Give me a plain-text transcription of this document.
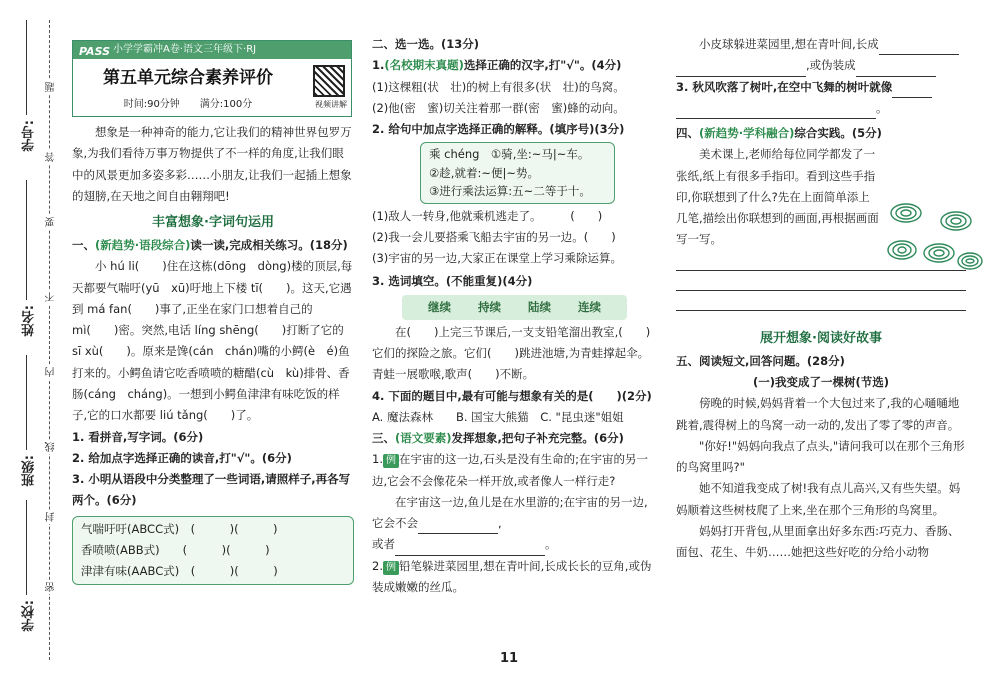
学号:
姓名:
班级:
学校:
题
答
要
不
内
线
封
密
PASS 小学学霸冲A卷·语文三年级下·RJ
第五单元综合素养评价
时间:90分钟　　满分:100分	视频讲解

想象是一种神奇的能力,它让我们的精神世界包罗万象,为我们看待万事万物提供了不一样的角度,让我们眼中的风景更加多姿多彩……小朋友,让我们一起插上想象的翅膀,在天地之间自由翱翔吧!

丰富想象·字词句运用

一、(新趋势·语段综合)读一读,完成相关练习。(18分)

小 hú li(　　)住在这栋(dōng　dòng)楼的顶层,每天都要气喘吁(yū　xū)吁地上下楼 tī(　　)。这天,它遇到 má fan(　　)事了,正坐在家门口想着自己的 mì(　　)密。突然,电话 líng shēng(　　)打断了它的 sī xù(　　)。原来是馋(cán　chán)嘴的小鳄(è　é)鱼打来的。小鳄鱼请它吃香喷喷的糖醋(cù　kù)排骨、香肠(cáng　cháng)。一想到小鳄鱼津津有味吃饭的样子,它的口水都要 liú tǎng(　　)了。

1. 看拼音,写字词。(6分)

2. 给加点字选择正确的读音,打"√"。(6分)

3. 小明从语段中分类整理了一些词语,请照样子,再各写两个。(6分)

气喘吁吁(ABCC式)　(　　　)(　　　)

香喷喷(ABB式)　　(　　　)(　　　)

津津有味(AABC式)　(　　　)(　　　)

二、选一选。(13分)

1.(名校期末真题)选择正确的汉字,打"√"。(4分)

(1)这棵粗(状　壮)的树上有很多(状　壮)的鸟窝。

(2)他(密　蜜)切关注着那一群(密　蜜)蜂的动向。

2. 给句中加点字选择正确的解释。(填序号)(3分)

乘 chéng　①骑,坐:~马|~车。

②趁,就着:~便|~势。

③进行乘法运算:五~二等于十。

(1)敌人一转身,他就乘机逃走了。　　　(　　)

(2)我一会儿要搭乘飞船去宇宙的另一边。(　　)

(3)宇宙的另一边,大家正在课堂上学习乘除运算。

3. 选词填空。(不能重复)(4分)

继续　　 持续　　 陆续　　 连续

在(　　)上完三节课后,一支支铅笔溜出教室,(　　)它们的探险之旅。它们(　　)跳进池塘,为青蛙撑起伞。青蛙一展歌喉,歌声(　　)不断。

4. 下面的题目中,最有可能与想象有关的是(　　)(2分)

A. 魔法森林　　 B. 国宝大熊猫　 C. "昆虫迷"姐姐

三、(语文要素)发挥想象,把句子补充完整。(6分)

1. 例 在宇宙的这一边,石头是没有生命的;在宇宙的另一边,它会不会像花朵一样开放,或者像人一样行走?

在宇宙这一边,鱼儿是在水里游的;在宇宙的另一边,它会不会	,

或者	。

2. 例 铅笔躲进菜园里,想在青叶间,长成长长的豆角,或伪装成嫩嫩的丝瓜。

小皮球躲进菜园里,想在青叶间,长成

,或伪装成

3. 秋风吹落了树叶,在空中飞舞的树叶就像

。

四、(新趋势·学科融合)综合实践。(5分)

美术课上,老师给每位同学都发了一张纸,纸上有很多手指印。看到这些手指印,你联想到了什么?先在上面简单添上几笔,描绘出你联想到的画面,再根据画面写一写。

展开想象·阅读好故事

五、阅读短文,回答问题。(28分)

(一)我变成了一棵树(节选)

傍晚的时候,妈妈背着一个大包过来了,我的心嗵嗵地跳着,震得树上的鸟窝一动一动的,发出了零了零的声音。

"你好!"妈妈向我点了点头,"请问我可以在那个三角形的鸟窝里吗?"

她不知道我变成了树!我有点儿高兴,又有些失望。妈妈顺着这些树枝爬了上来,坐在那个三角形的鸟窝里。

妈妈打开背包,从里面拿出好多东西:巧克力、香肠、面包、花生、牛奶……她把这些好吃的分给小动物

11
